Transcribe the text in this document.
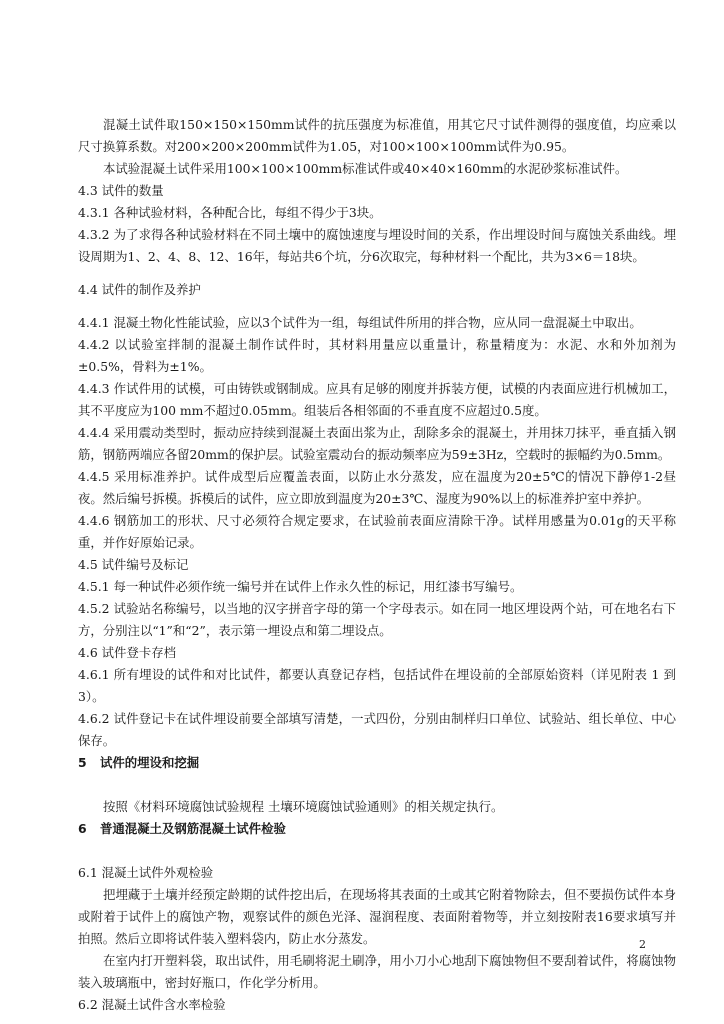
混凝土试件取150×150×150mm试件的抗压强度为标准值，用其它尺寸试件测得的强度值，均应乘以尺寸换算系数。对200×200×200mm试件为1.05，对100×100×100mm试件为0.95。

本试验混凝土试件采用100×100×100mm标准试件或40×40×160mm的水泥砂浆标准试件。

4.3 试件的数量

4.3.1 各种试验材料，各种配合比，每组不得少于3块。

4.3.2 为了求得各种试验材料在不同土壤中的腐蚀速度与埋设时间的关系，作出埋设时间与腐蚀关系曲线。埋设周期为1、2、4、8、12、16年，每站共6个坑，分6次取完，每种材料一个配比，共为3×6＝18块。

4.4 试件的制作及养护

4.4.1 混凝土物化性能试验，应以3个试件为一组，每组试件所用的拌合物，应从同一盘混凝土中取出。

4.4.2 以试验室拌制的混凝土制作试件时，其材料用量应以重量计，称量精度为：水泥、水和外加剂为±0.5%，骨料为±1%。

4.4.3 作试件用的试模，可由铸铁或钢制成。应具有足够的刚度并拆装方便，试模的内表面应进行机械加工，其不平度应为100 mm不超过0.05mm。组装后各相邻面的不垂直度不应超过0.5度。

4.4.4 采用震动类型时，振动应持续到混凝土表面出浆为止，刮除多余的混凝土，并用抹刀抹平，垂直插入钢筋，钢筋两端应各留20mm的保护层。试验室震动台的振动频率应为59±3Hz，空载时的振幅约为0.5mm。

4.4.5 采用标准养护。试件成型后应覆盖表面，以防止水分蒸发，应在温度为20±5℃的情况下静停1-2昼夜。然后编号拆模。拆模后的试件，应立即放到温度为20±3℃、湿度为90%以上的标准养护室中养护。

4.4.6 钢筋加工的形状、尺寸必须符合规定要求，在试验前表面应清除干净。试样用感量为0.01g的天平称重，并作好原始记录。

4.5 试件编号及标记

4.5.1 每一种试件必须作统一编号并在试件上作永久性的标记，用红漆书写编号。

4.5.2 试验站名称编号，以当地的汉字拼音字母的第一个字母表示。如在同一地区埋设两个站，可在地名右下方，分别注以“1”和“2”，表示第一埋设点和第二埋设点。

4.6 试件登卡存档

4.6.1 所有埋设的试件和对比试件，都要认真登记存档，包括试件在埋设前的全部原始资料（详见附表 1 到 3）。

4.6.2 试件登记卡在试件埋设前要全部填写清楚，一式四份，分别由制样归口单位、试验站、组长单位、中心保存。

5 试件的埋设和挖掘

按照《材料环境腐蚀试验规程 土壤环境腐蚀试验通则》的相关规定执行。

6 普通混凝土及钢筋混凝土试件检验

6.1 混凝土试件外观检验

把埋藏于土壤并经预定龄期的试件挖出后，在现场将其表面的土或其它附着物除去，但不要损伤试件本身或附着于试件上的腐蚀产物，观察试件的颜色光泽、湿润程度、表面附着物等，并立刻按附表16要求填写并拍照。然后立即将试件装入塑料袋内，防止水分蒸发。

在室内打开塑料袋，取出试件，用毛刷将泥土刷净，用小刀小心地刮下腐蚀物但不要刮着试件，将腐蚀物装入玻璃瓶中，密封好瓶口，作化学分析用。

6.2 混凝土试件含水率检验

2
